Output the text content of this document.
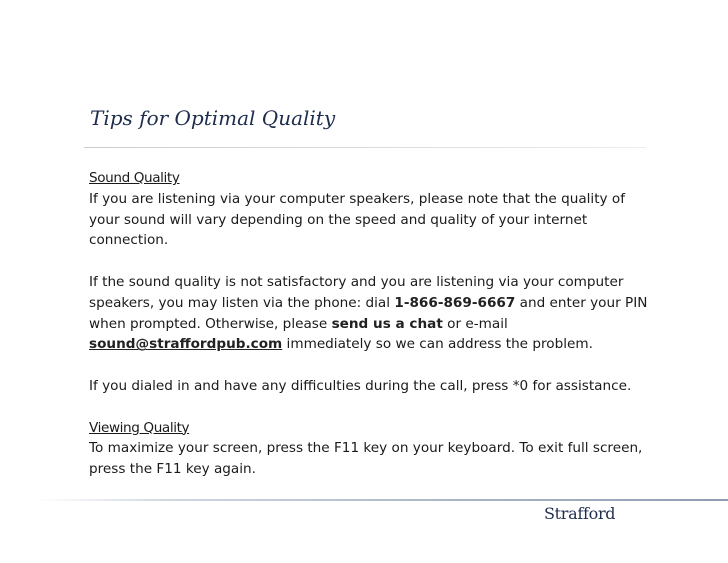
Tips for Optimal Quality

Sound Quality

If you are listening via your computer speakers, please note that the quality of your sound will vary depending on the speed and quality of your internet connection.

If the sound quality is not satisfactory and you are listening via your computer speakers, you may listen via the phone: dial 1-866-869-6667 and enter your PIN when prompted. Otherwise, please send us a chat or e-mail sound@straffordpub.com immediately so we can address the problem.

If you dialed in and have any difficulties during the call, press *0 for assistance.

Viewing Quality

To maximize your screen, press the F11 key on your keyboard. To exit full screen, press the F11 key again.

Strafford
